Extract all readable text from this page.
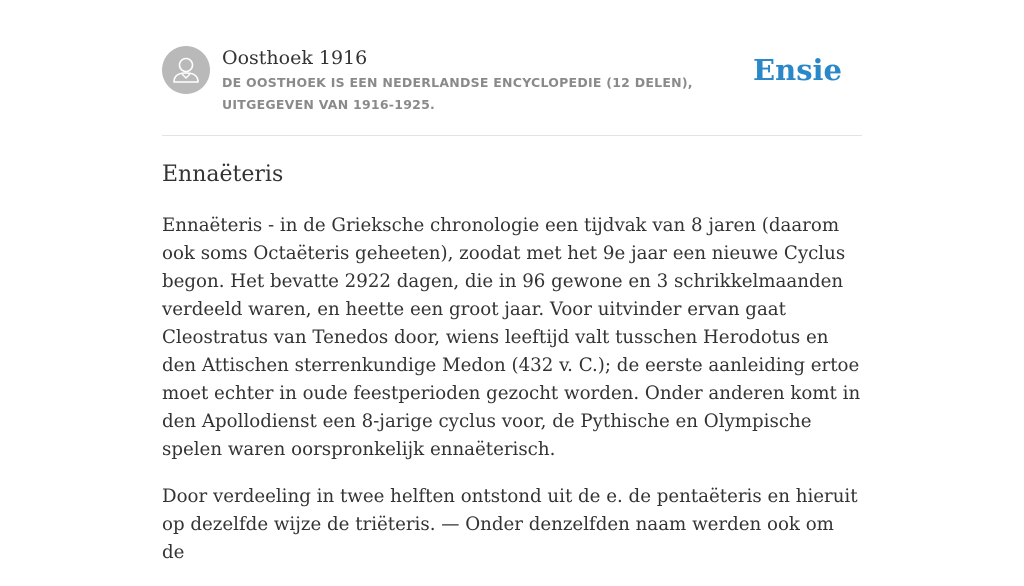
Oosthoek 1916
DE OOSTHOEK IS EEN NEDERLANDSE ENCYCLOPEDIE (12 DELEN), UITGEGEVEN VAN 1916-1925.
Ensie
Ennaëteris

Ennaëteris - in de Grieksche chronologie een tijdvak van 8 jaren (daarom ook soms Octaëteris geheeten), zoodat met het 9e jaar een nieuwe Cyclus begon. Het bevatte 2922 dagen, die in 96 gewone en 3 schrikkelmaanden verdeeld waren, en heette een groot jaar. Voor uitvinder ervan gaat Cleostratus van Tenedos door, wiens leeftijd valt tusschen Herodotus en den Attischen sterrenkundige Medon (432 v. C.); de eerste aanleiding ertoe moet echter in oude feestperioden gezocht worden. Onder anderen komt in den Apollodienst een 8-jarige cyclus voor, de Pythische en Olympische spelen waren oorspronkelijk ennaëterisch.

Door verdeeling in twee helften ontstond uit de e. de pentaëteris en hieruit op dezelfde wijze de triëteris. — Onder denzelfden naam werden ook om de
